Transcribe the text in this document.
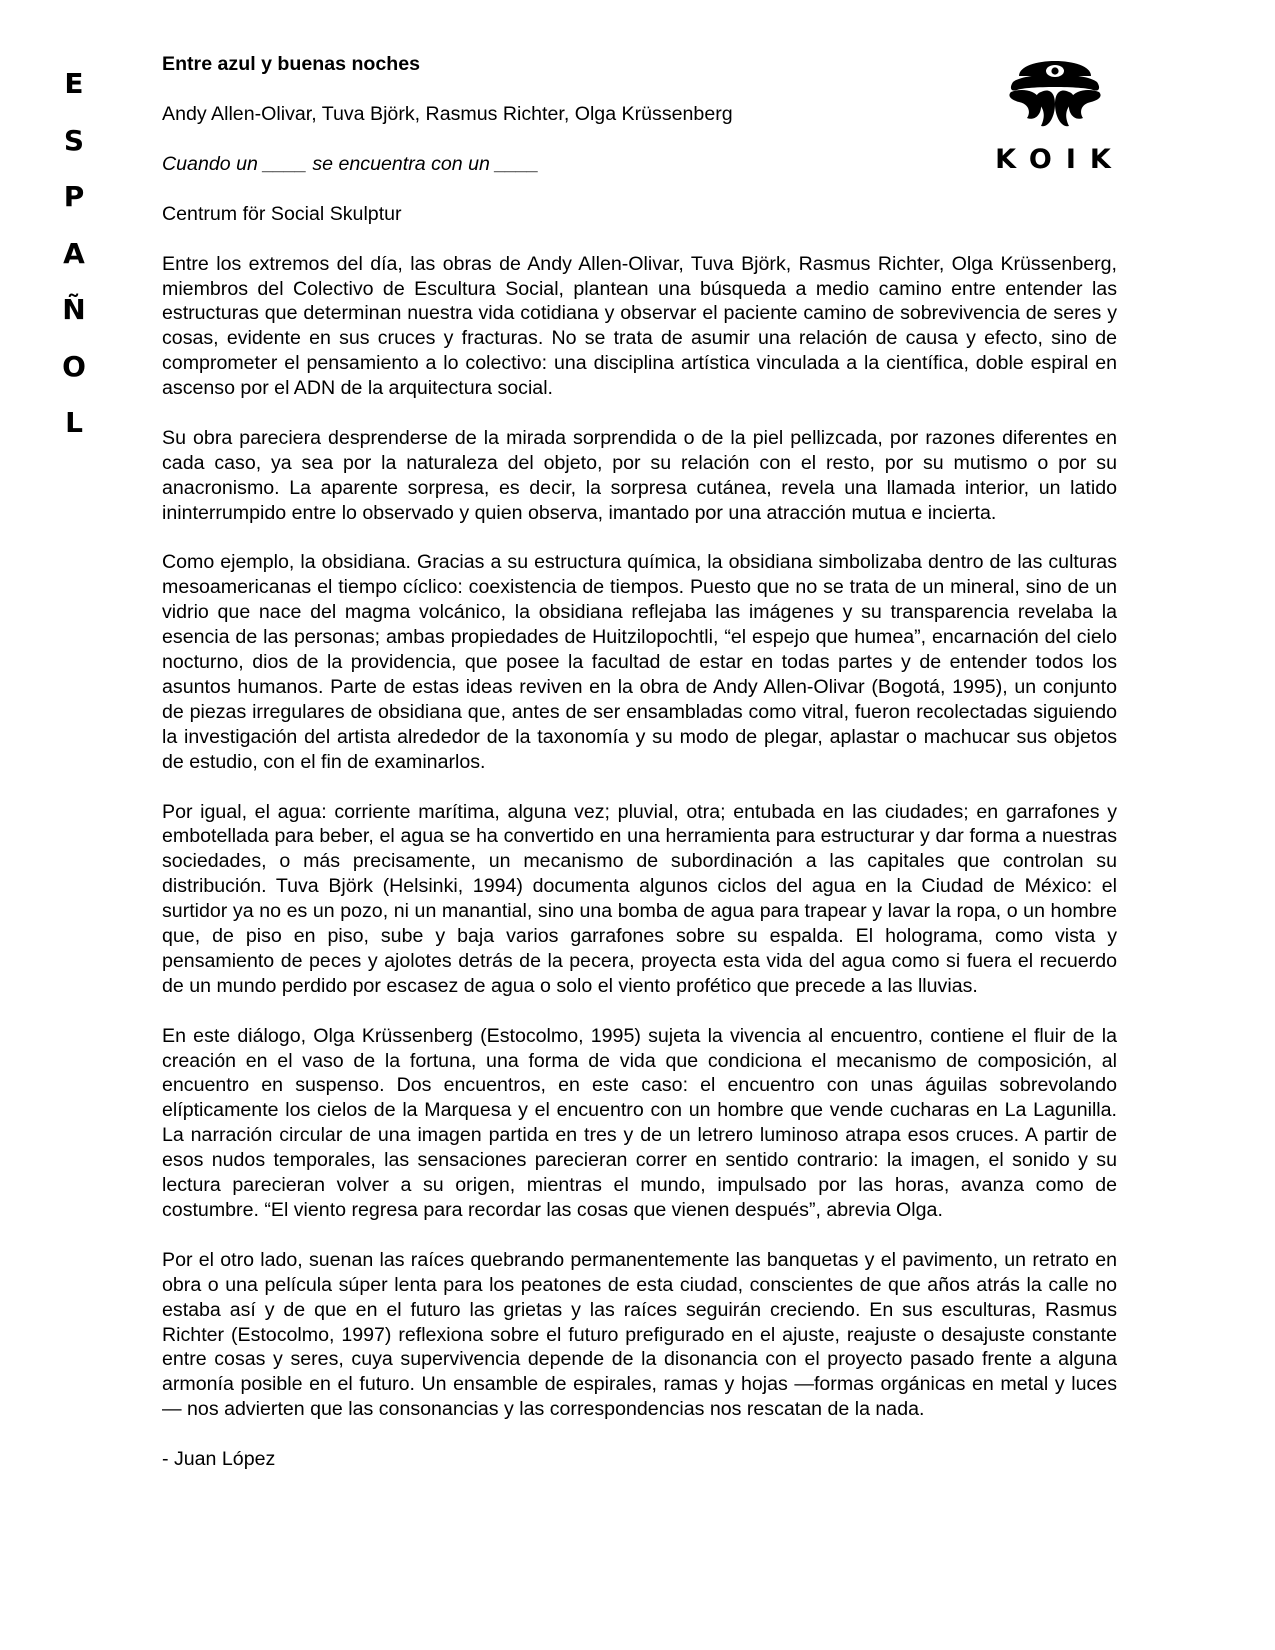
E
S
P
A
Ñ
O
L
KOIK

Entre azul y buenas noches

Andy Allen-Olivar, Tuva Björk, Rasmus Richter, Olga Krüssenberg

Cuando un ____ se encuentra con un ____

Centrum för Social Skulptur

Entre los extremos del día, las obras de Andy Allen-Olivar, Tuva Björk, Rasmus Richter, Olga Krüssenberg, miembros del Colectivo de Escultura Social, plantean una búsqueda a medio camino entre entender las estructuras que determinan nuestra vida cotidiana y observar el paciente camino de sobrevivencia de seres y cosas, evidente en sus cruces y fracturas. No se trata de asumir una relación de causa y efecto, sino de comprometer el pensamiento a lo colectivo: una disciplina artística vinculada a la científica, doble espiral en ascenso por el ADN de la arquitectura social.

Su obra pareciera desprenderse de la mirada sorprendida o de la piel pellizcada, por razones diferentes en cada caso, ya sea por la naturaleza del objeto, por su relación con el resto, por su mutismo o por su anacronismo. La aparente sorpresa, es decir, la sorpresa cutánea, revela una llamada interior, un latido ininterrumpido entre lo observado y quien observa, imantado por una atracción mutua e incierta.

Como ejemplo, la obsidiana. Gracias a su estructura química, la obsidiana simbolizaba dentro de las culturas mesoamericanas el tiempo cíclico: coexistencia de tiempos. Puesto que no se trata de un mineral, sino de un vidrio que nace del magma volcánico, la obsidiana reflejaba las imágenes y su transparencia revelaba la esencia de las personas; ambas propiedades de Huitzilopochtli, “el espejo que humea”, encarnación del cielo nocturno, dios de la providencia, que posee la facultad de estar en todas partes y de entender todos los asuntos humanos. Parte de estas ideas reviven en la obra de Andy Allen-Olivar (Bogotá, 1995), un conjunto de piezas irregulares de obsidiana que, antes de ser ensambladas como vitral, fueron recolectadas siguiendo la investigación del artista alrededor de la taxonomía y su modo de plegar, aplastar o machucar sus objetos de estudio, con el fin de examinarlos.

Por igual, el agua: corriente marítima, alguna vez; pluvial, otra; entubada en las ciudades; en garrafones y embotellada para beber, el agua se ha convertido en una herramienta para estructurar y dar forma a nuestras sociedades, o más precisamente, un mecanismo de subordinación a las capitales que controlan su distribución. Tuva Björk (Helsinki, 1994) documenta algunos ciclos del agua en la Ciudad de México: el surtidor ya no es un pozo, ni un manantial, sino una bomba de agua para trapear y lavar la ropa, o un hombre que, de piso en piso, sube y baja varios garrafones sobre su espalda. El holograma, como vista y pensamiento de peces y ajolotes detrás de la pecera, proyecta esta vida del agua como si fuera el recuerdo de un mundo perdido por escasez de agua o solo el viento profético que precede a las lluvias.

En este diálogo, Olga Krüssenberg (Estocolmo, 1995) sujeta la vivencia al encuentro, contiene el fluir de la creación en el vaso de la fortuna, una forma de vida que condiciona el mecanismo de composición, al encuentro en suspenso. Dos encuentros, en este caso: el encuentro con unas águilas sobrevolando elípticamente los cielos de la Marquesa y el encuentro con un hombre que vende cucharas en La Lagunilla. La narración circular de una imagen partida en tres y de un letrero luminoso atrapa esos cruces. A partir de esos nudos temporales, las sensaciones parecieran correr en sentido contrario: la imagen, el sonido y su lectura parecieran volver a su origen, mientras el mundo, impulsado por las horas, avanza como de costumbre. “El viento regresa para recordar las cosas que vienen después”, abrevia Olga.

Por el otro lado, suenan las raíces quebrando permanentemente las banquetas y el pavimento, un retrato en obra o una película súper lenta para los peatones de esta ciudad, conscientes de que años atrás la calle no estaba así y de que en el futuro las grietas y las raíces seguirán creciendo. En sus esculturas, Rasmus Richter (Estocolmo, 1997) reflexiona sobre el futuro prefigurado en el ajuste, reajuste o desajuste constante entre cosas y seres, cuya supervivencia depende de la disonancia con el proyecto pasado frente a alguna armonía posible en el futuro. Un ensamble de espirales, ramas y hojas —formas orgánicas en metal y luces— nos advierten que las consonancias y las correspondencias nos rescatan de la nada.

- Juan López
